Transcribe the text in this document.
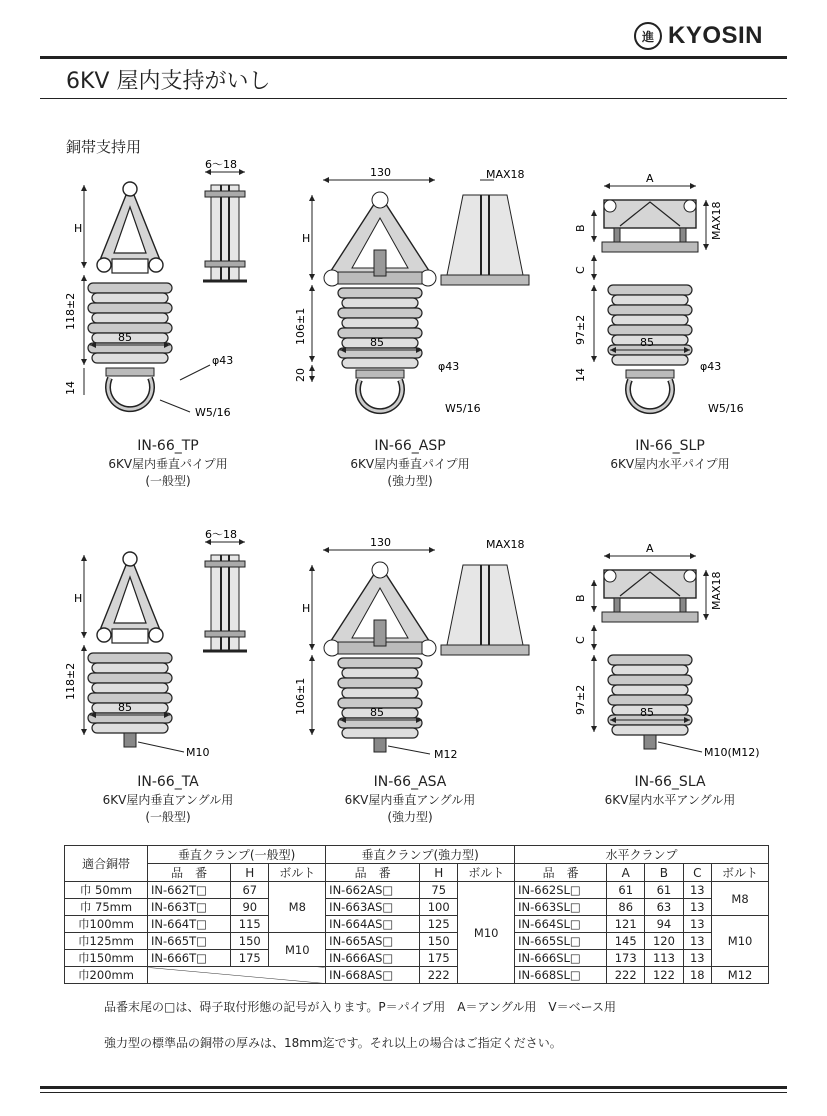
進 KYOSIN
6KV 屋内支持がいし
銅帯支持用
H
118±2
85
14
6～18
φ43
W5/16
IN-66_TP
6KV屋内垂直パイプ用
(一般型)
130	MAX18
H
106±1	85
20
φ43
W5/16
IN-66_ASP
6KV屋内垂直パイプ用
(強力型)
A
MAX18
B
C
97±2	85
14
φ43
W5/16
IN-66_SLP
6KV屋内水平パイプ用
H
118±2
85
6～18
M10
IN-66_TA
6KV屋内垂直アングル用
(一般型)
130	MAX18
H
106±1	85
M12
IN-66_ASA
6KV屋内垂直アングル用
(強力型)
A
MAX18
B
C
97±2	85
M10(M12)
IN-66_SLA
6KV屋内水平アングル用
適合銅帯	垂直クランプ(一般型)			垂直クランプ(強力型)			水平クランプ				
	品　番	H	ボルト	品　番	H	ボルト	品　番	A	B	C	ボルト
巾 50mm	IN-662T□	67	M8	IN-662AS□	75	M10	IN-662SL□	61	61	13	M8
巾 75mm	IN-663T□	90		IN-663AS□	100		IN-663SL□	86	63	13	
巾100mm	IN-664T□	115		IN-664AS□	125		IN-664SL□	121	94	13	M10
巾125mm	IN-665T□	150	M10	IN-665AS□	150		IN-665SL□	145	120	13	
巾150mm	IN-666T□	175		IN-666AS□	175		IN-666SL□	173	113	13	
巾200mm				IN-668AS□	222		IN-668SL□	222	122	18	M12
品番末尾の□は、碍子取付形態の記号が入ります。P＝パイプ用　A＝アングル用　V＝ベース用
強力型の標準品の銅帯の厚みは、18mm迄です。それ以上の場合はご指定ください。
